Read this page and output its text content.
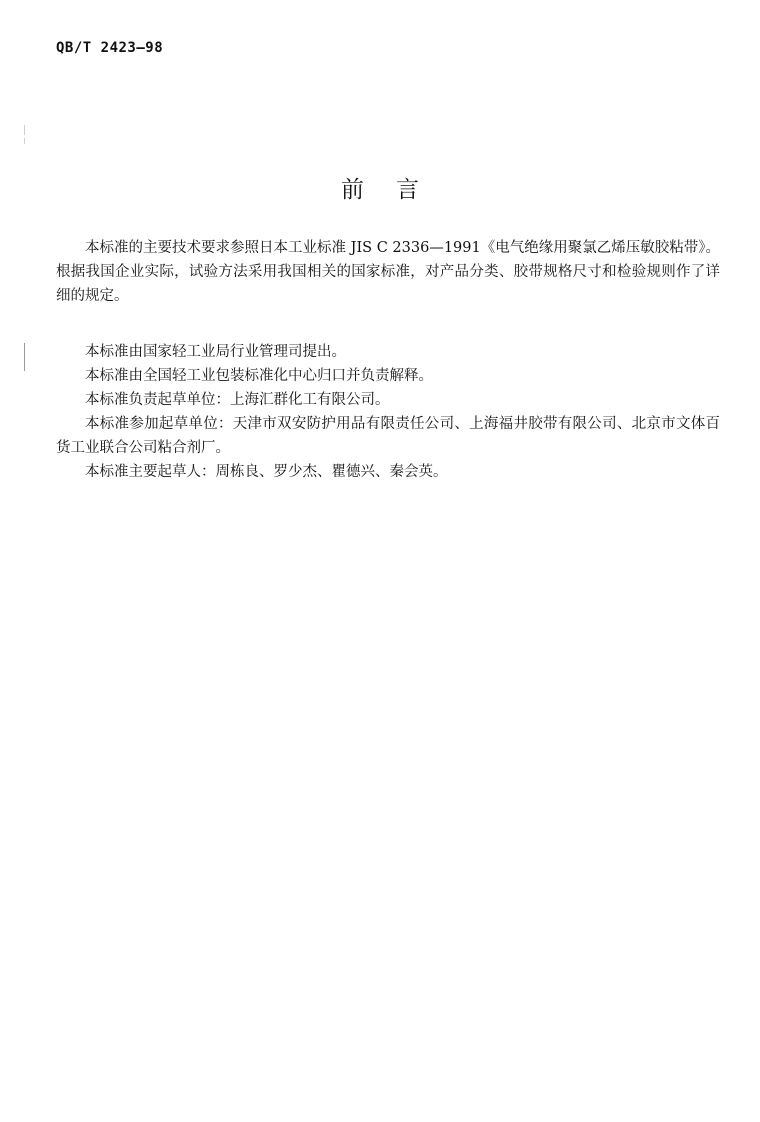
QB/T 2423—98
前言

本标准的主要技术要求参照日本工业标准 JIS C 2336—1991《电气绝缘用聚氯乙烯压敏胶粘带》。根据我国企业实际，试验方法采用我国相关的国家标准，对产品分类、胶带规格尺寸和检验规则作了详细的规定。

本标准由国家轻工业局行业管理司提出。

本标准由全国轻工业包装标准化中心归口并负责解释。

本标准负责起草单位：上海汇群化工有限公司。

本标准参加起草单位：天津市双安防护用品有限责任公司、上海福井胶带有限公司、北京市文体百货工业联合公司粘合剂厂。

本标准主要起草人：周栋良、罗少杰、瞿德兴、秦会英。
